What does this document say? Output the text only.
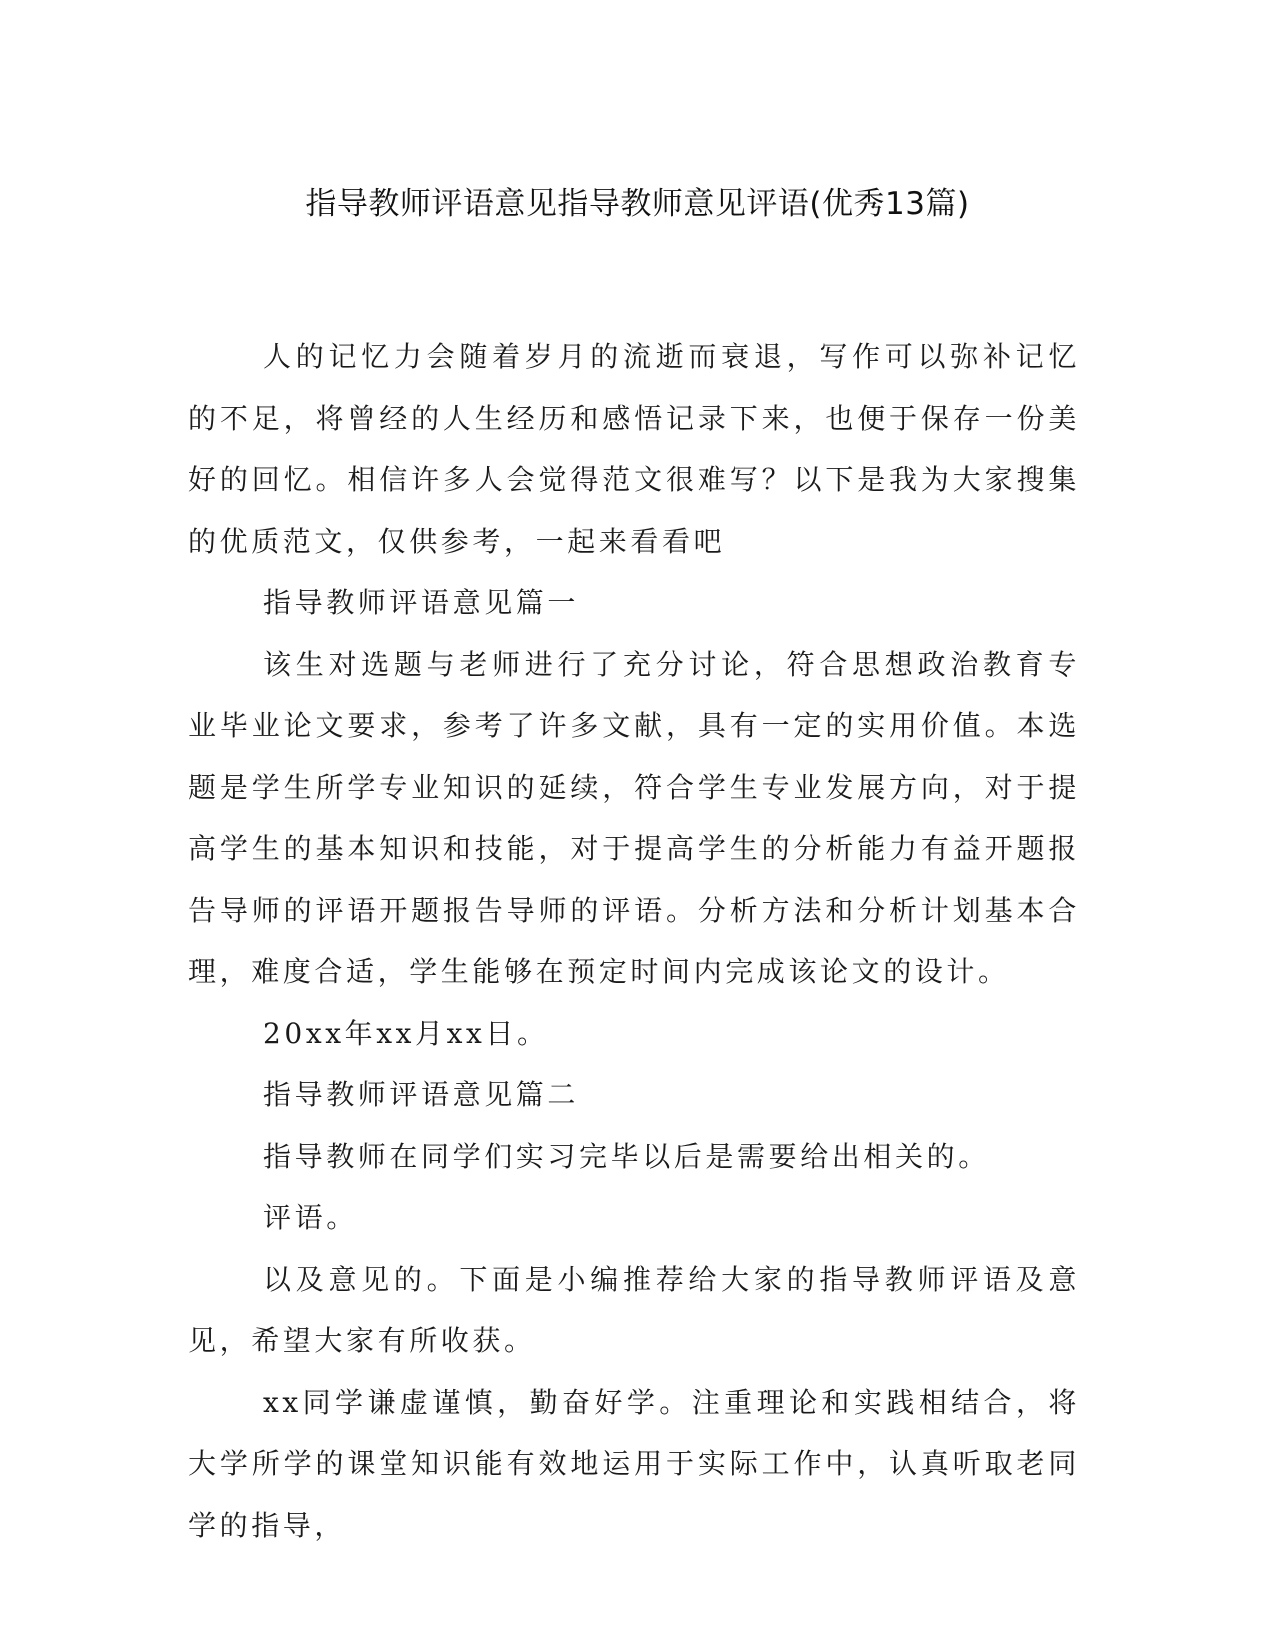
指导教师评语意见指导教师意见评语(优秀13篇)

人的记忆力会随着岁月的流逝而衰退，写作可以弥补记忆的不足，将曾经的人生经历和感悟记录下来，也便于保存一份美好的回忆。相信许多人会觉得范文很难写？以下是我为大家搜集的优质范文，仅供参考，一起来看看吧

指导教师评语意见篇一

该生对选题与老师进行了充分讨论，符合思想政治教育专业毕业论文要求，参考了许多文献，具有一定的实用价值。本选题是学生所学专业知识的延续，符合学生专业发展方向，对于提高学生的基本知识和技能，对于提高学生的分析能力有益开题报告导师的评语开题报告导师的评语。分析方法和分析计划基本合理，难度合适，学生能够在预定时间内完成该论文的设计。

20xx年xx月xx日。

指导教师评语意见篇二

指导教师在同学们实习完毕以后是需要给出相关的。

评语。

以及意见的。下面是小编推荐给大家的指导教师评语及意见，希望大家有所收获。

xx同学谦虚谨慎，勤奋好学。注重理论和实践相结合，将大学所学的课堂知识能有效地运用于实际工作中，认真听取老同学的指导，
